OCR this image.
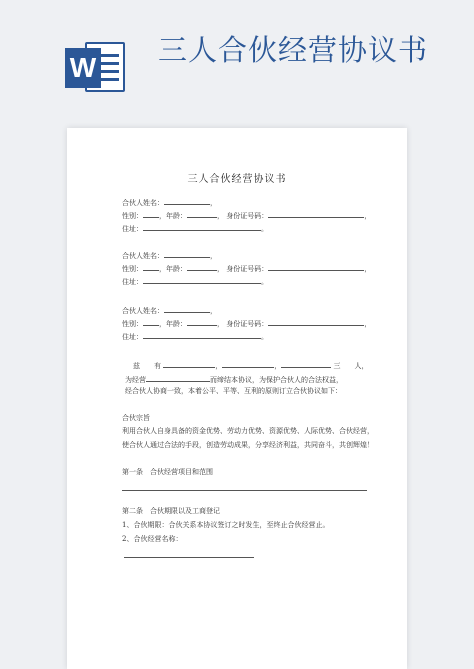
W
三人合伙经营协议书
三人合伙经营协议书
合伙人姓名：	，
性别： ，年龄：	， 身份证号码：	，
住址：	。
合伙人姓名：	，
性别： ，年龄：	， 身份证号码：	，
住址：	。
合伙人姓名：	，
性别： ，年龄：	， 身份证号码：	，
住址：	。
兹　　有	，	，	三　　人，
为经营	而缔结本协议，为保护合伙人的合法权益，
经合伙人协商一致，本着公平、平等、互利的原则订立合伙协议如下：
合伙宗旨
利用合伙人自身具备的资金优势、劳动力优势、资源优势、人际优势、合伙经营，
使合伙人通过合法的手段，创造劳动成果，分享经济利益，共同奋斗，共创辉煌！
第一条　合伙经营项目和范围
第二条　合伙期限以及工商登记
1、合伙期限：合伙关系本协议签订之时发生，至终止合伙经营止。
2、合伙经营名称：
